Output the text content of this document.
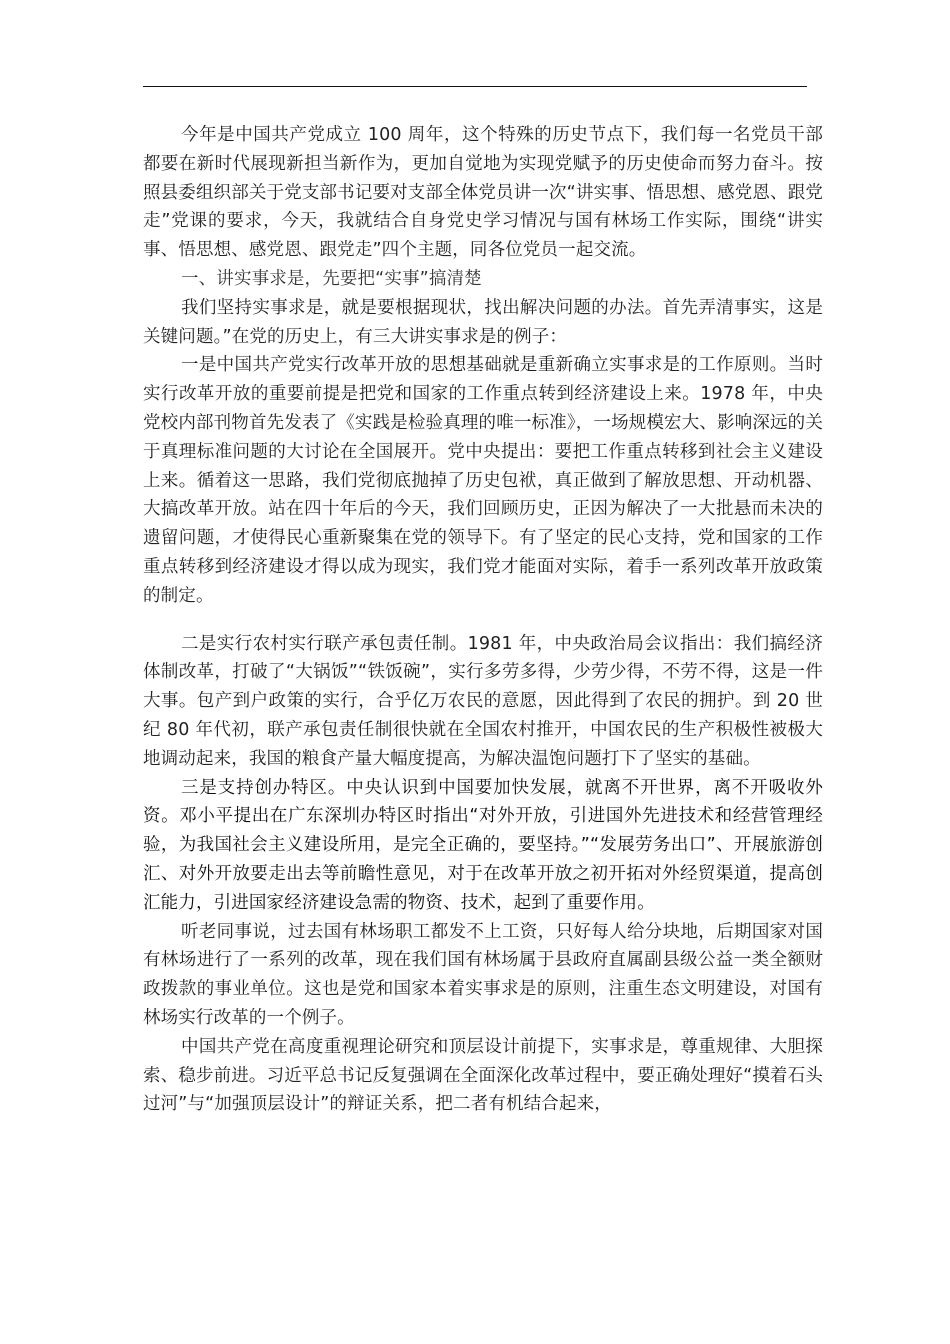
今年是中国共产党成立 100 周年，这个特殊的历史节点下，我们每一名党员干部都要在新时代展现新担当新作为，更加自觉地为实现党赋予的历史使命而努力奋斗。按照县委组织部关于党支部书记要对支部全体党员讲一次“讲实事、悟思想、感党恩、跟党走”党课的要求，今天，我就结合自身党史学习情况与国有林场工作实际，围绕“讲实事、悟思想、感党恩、跟党走”四个主题，同各位党员一起交流。

一、讲实事求是，先要把“实事”搞清楚

我们坚持实事求是，就是要根据现状，找出解决问题的办法。首先弄清事实，这是关键问题。”在党的历史上，有三大讲实事求是的例子：

一是中国共产党实行改革开放的思想基础就是重新确立实事求是的工作原则。当时实行改革开放的重要前提是把党和国家的工作重点转到经济建设上来。1978 年，中央党校内部刊物首先发表了《实践是检验真理的唯一标准》，一场规模宏大、影响深远的关于真理标准问题的大讨论在全国展开。党中央提出：要把工作重点转移到社会主义建设上来。循着这一思路，我们党彻底抛掉了历史包袱，真正做到了解放思想、开动机器、大搞改革开放。站在四十年后的今天，我们回顾历史，正因为解决了一大批悬而未决的遗留问题，才使得民心重新聚集在党的领导下。有了坚定的民心支持，党和国家的工作重点转移到经济建设才得以成为现实，我们党才能面对实际，着手一系列改革开放政策的制定。

二是实行农村实行联产承包责任制。1981 年，中央政治局会议指出：我们搞经济体制改革，打破了“大锅饭”“铁饭碗”，实行多劳多得，少劳少得，不劳不得，这是一件大事。包产到户政策的实行，合乎亿万农民的意愿，因此得到了农民的拥护。到 20 世纪 80 年代初，联产承包责任制很快就在全国农村推开，中国农民的生产积极性被极大地调动起来，我国的粮食产量大幅度提高，为解决温饱问题打下了坚实的基础。

三是支持创办特区。中央认识到中国要加快发展，就离不开世界，离不开吸收外资。邓小平提出在广东深圳办特区时指出“对外开放，引进国外先进技术和经营管理经验，为我国社会主义建设所用，是完全正确的，要坚持。”“发展劳务出口”、开展旅游创汇、对外开放要走出去等前瞻性意见，对于在改革开放之初开拓对外经贸渠道，提高创汇能力，引进国家经济建设急需的物资、技术，起到了重要作用。

听老同事说，过去国有林场职工都发不上工资，只好每人给分块地，后期国家对国有林场进行了一系列的改革，现在我们国有林场属于县政府直属副县级公益一类全额财政拨款的事业单位。这也是党和国家本着实事求是的原则，注重生态文明建设，对国有林场实行改革的一个例子。

中国共产党在高度重视理论研究和顶层设计前提下，实事求是，尊重规律、大胆探索、稳步前进。习近平总书记反复强调在全面深化改革过程中，要正确处理好“摸着石头过河”与“加强顶层设计”的辩证关系，把二者有机结合起来，
